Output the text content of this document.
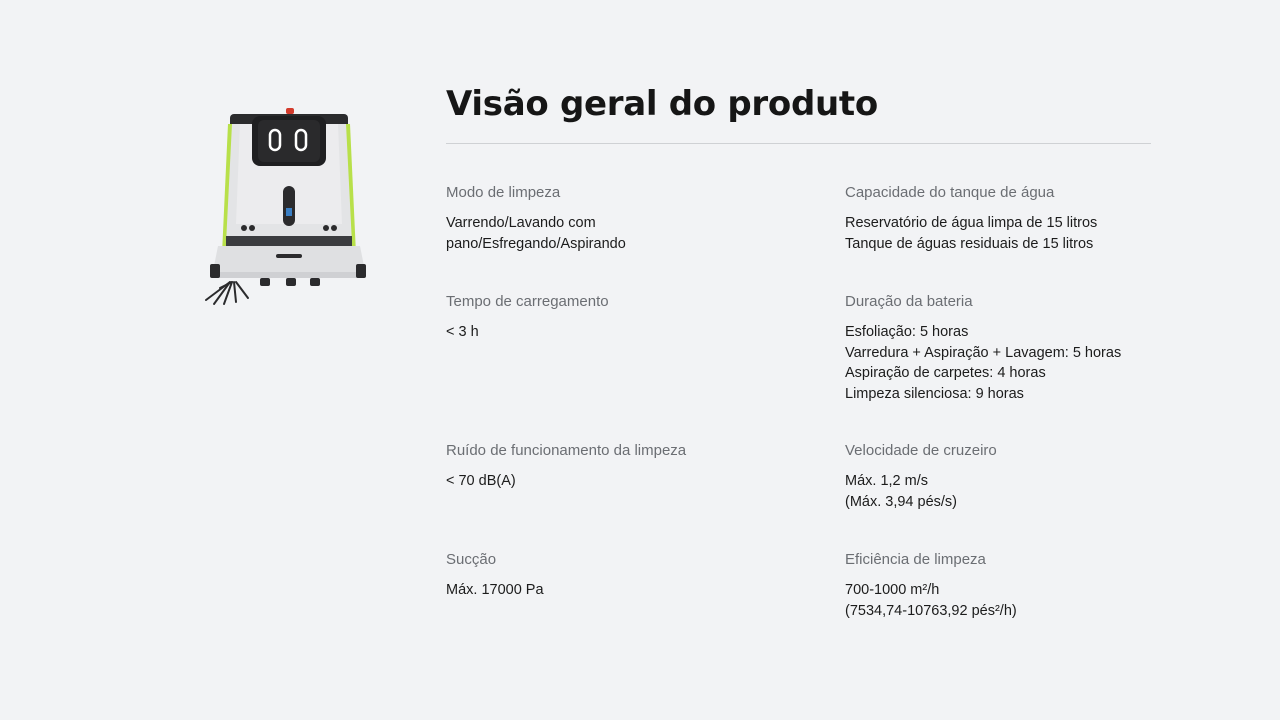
Visão geral do produto
Modo de limpeza
Varrendo/Lavando com
pano/Esfregando/Aspirando
Capacidade do tanque de água
Reservatório de água limpa de 15 litros
Tanque de águas residuais de 15 litros
Tempo de carregamento
< 3 h
Duração da bateria
Esfoliação: 5 horas
Varredura + Aspiração + Lavagem: 5 horas
Aspiração de carpetes: 4 horas
Limpeza silenciosa: 9 horas
Ruído de funcionamento da limpeza
< 70 dB(A)
Velocidade de cruzeiro
Máx. 1,2 m/s
(Máx. 3,94 pés/s)
Sucção
Máx. 17000 Pa
Eficiência de limpeza
700-1000 m²/h
(7534,74-10763,92 pés²/h)
